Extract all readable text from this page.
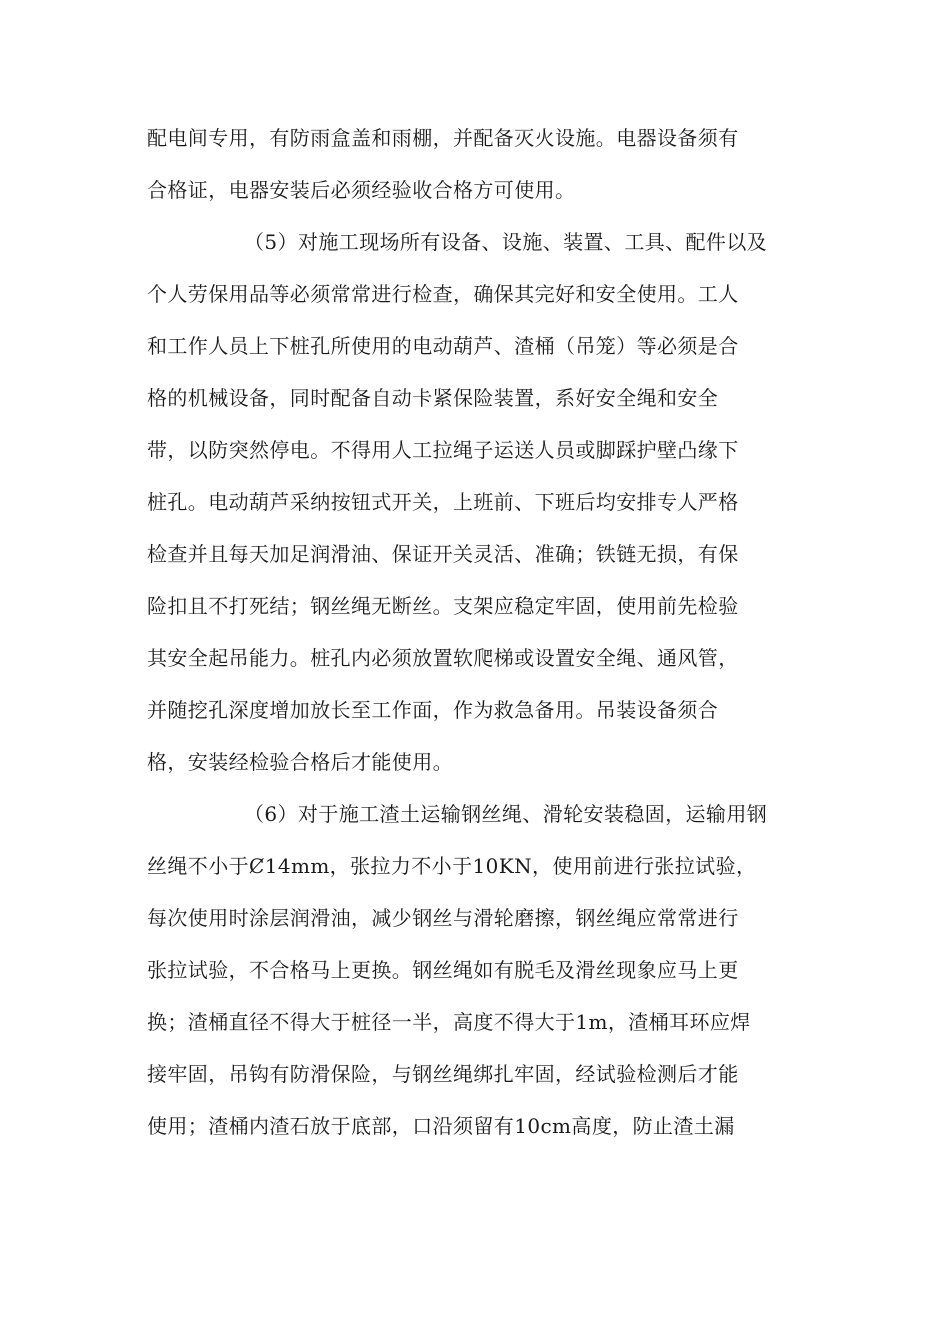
配电间专用，有防雨盒盖和雨棚，并配备灭火设施。电器设备须有
合格证，电器安装后必须经验收合格方可使用。
（5）对施工现场所有设备、设施、装置、工具、配件以及
个人劳保用品等必须常常进行检查，确保其完好和安全使用。工人
和工作人员上下桩孔所使用的电动葫芦、渣桶（吊笼）等必须是合
格的机械设备，同时配备自动卡紧保险装置，系好安全绳和安全
带，以防突然停电。不得用人工拉绳子运送人员或脚踩护壁凸缘下
桩孔。电动葫芦采纳按钮式开关，上班前、下班后均安排专人严格
检查并且每天加足润滑油、保证开关灵活、准确；铁链无损，有保
险扣且不打死结；钢丝绳无断丝。支架应稳定牢固，使用前先检验
其安全起吊能力。桩孔内必须放置软爬梯或设置安全绳、通风管，
并随挖孔深度增加放长至工作面，作为救急备用。吊装设备须合
格，安装经检验合格后才能使用。
（6）对于施工渣土运输钢丝绳、滑轮安装稳固，运输用钢
丝绳不小于Ȼ14mm，张拉力不小于10KN，使用前进行张拉试验，
每次使用时涂层润滑油，减少钢丝与滑轮磨擦，钢丝绳应常常进行
张拉试验，不合格马上更换。钢丝绳如有脱毛及滑丝现象应马上更
换；渣桶直径不得大于桩径一半，高度不得大于1m，渣桶耳环应焊
接牢固，吊钩有防滑保险，与钢丝绳绑扎牢固，经试验检测后才能
使用；渣桶内渣石放于底部，口沿须留有10cm高度，防止渣土漏
